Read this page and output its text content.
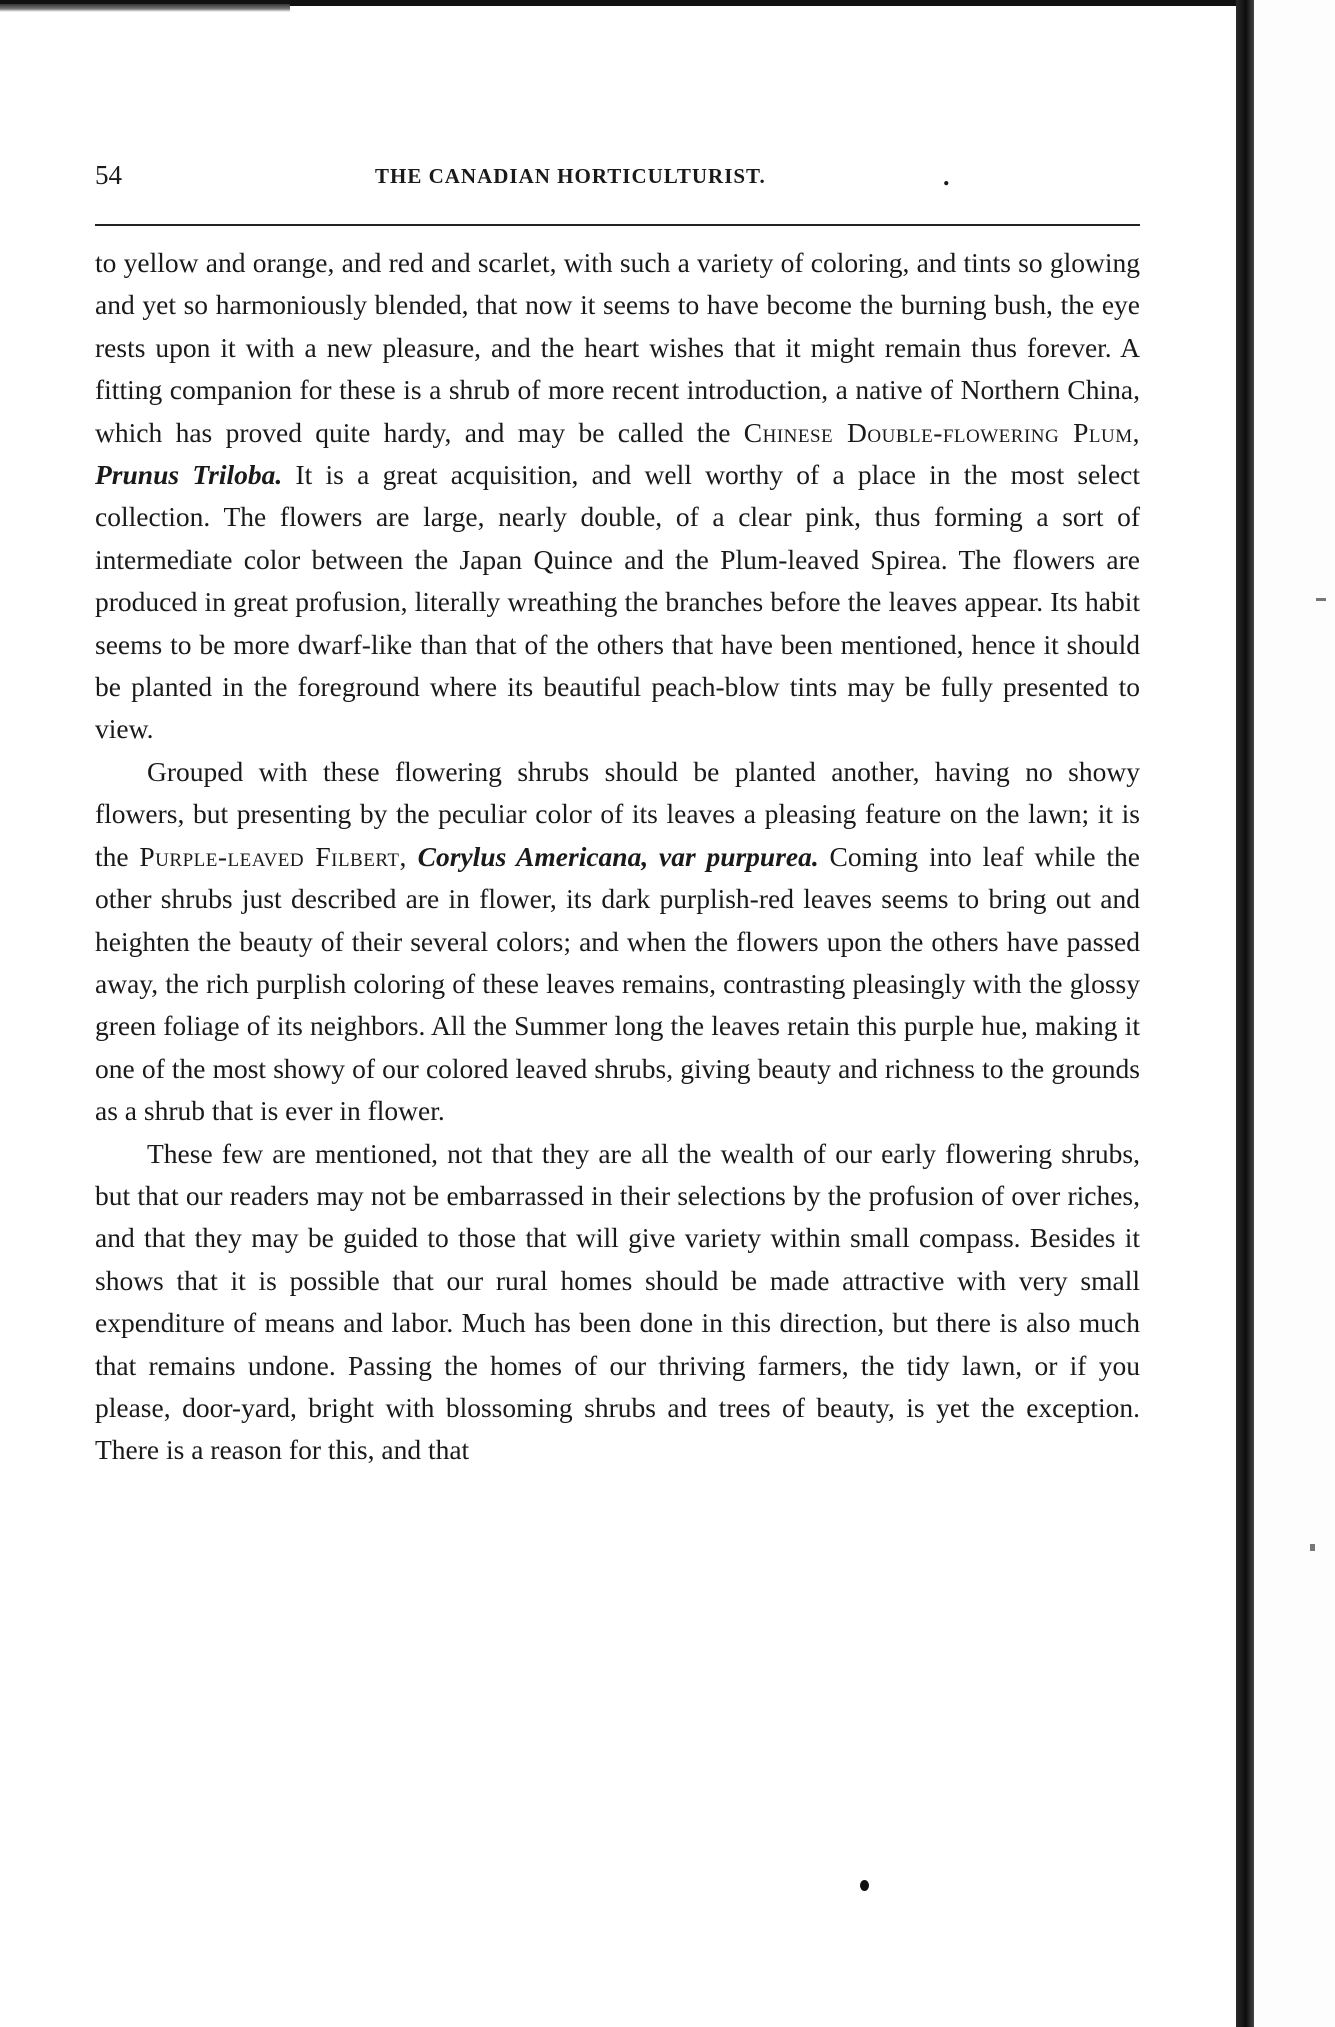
54	THE CANADIAN HORTICULTURIST.	.

to yellow and orange, and red and scarlet, with such a variety of coloring, and tints so glowing and yet so harmoniously blended, that now it seems to have become the burning bush, the eye rests upon it with a new pleasure, and the heart wishes that it might remain thus forever. A fitting companion for these is a shrub of more recent introduction, a native of Northern China, which has proved quite hardy, and may be called the Chinese Double-flowering Plum, Prunus Triloba. It is a great acquisition, and well worthy of a place in the most select collection. The flowers are large, nearly double, of a clear pink, thus forming a sort of intermediate color between the Japan Quince and the Plum-leaved Spirea. The flowers are produced in great profusion, literally wreathing the branches before the leaves appear. Its habit seems to be more dwarf-like than that of the others that have been mentioned, hence it should be planted in the foreground where its beautiful peach-blow tints may be fully presented to view.

Grouped with these flowering shrubs should be planted another, having no showy flowers, but presenting by the peculiar color of its leaves a pleasing feature on the lawn; it is the Purple-leaved Filbert, Corylus Americana, var purpurea. Coming into leaf while the other shrubs just described are in flower, its dark purplish-red leaves seems to bring out and heighten the beauty of their several colors; and when the flowers upon the others have passed away, the rich purplish coloring of these leaves remains, contrasting pleasingly with the glossy green foliage of its neighbors. All the Summer long the leaves retain this purple hue, making it one of the most showy of our colored leaved shrubs, giving beauty and richness to the grounds as a shrub that is ever in flower.

These few are mentioned, not that they are all the wealth of our early flowering shrubs, but that our readers may not be embarrassed in their selections by the profusion of over riches, and that they may be guided to those that will give variety within small compass. Besides it shows that it is possible that our rural homes should be made attractive with very small expenditure of means and labor. Much has been done in this direction, but there is also much that remains undone. Passing the homes of our thriving farmers, the tidy lawn, or if you please, door-yard, bright with blossoming shrubs and trees of beauty, is yet the exception. There is a reason for this, and that
